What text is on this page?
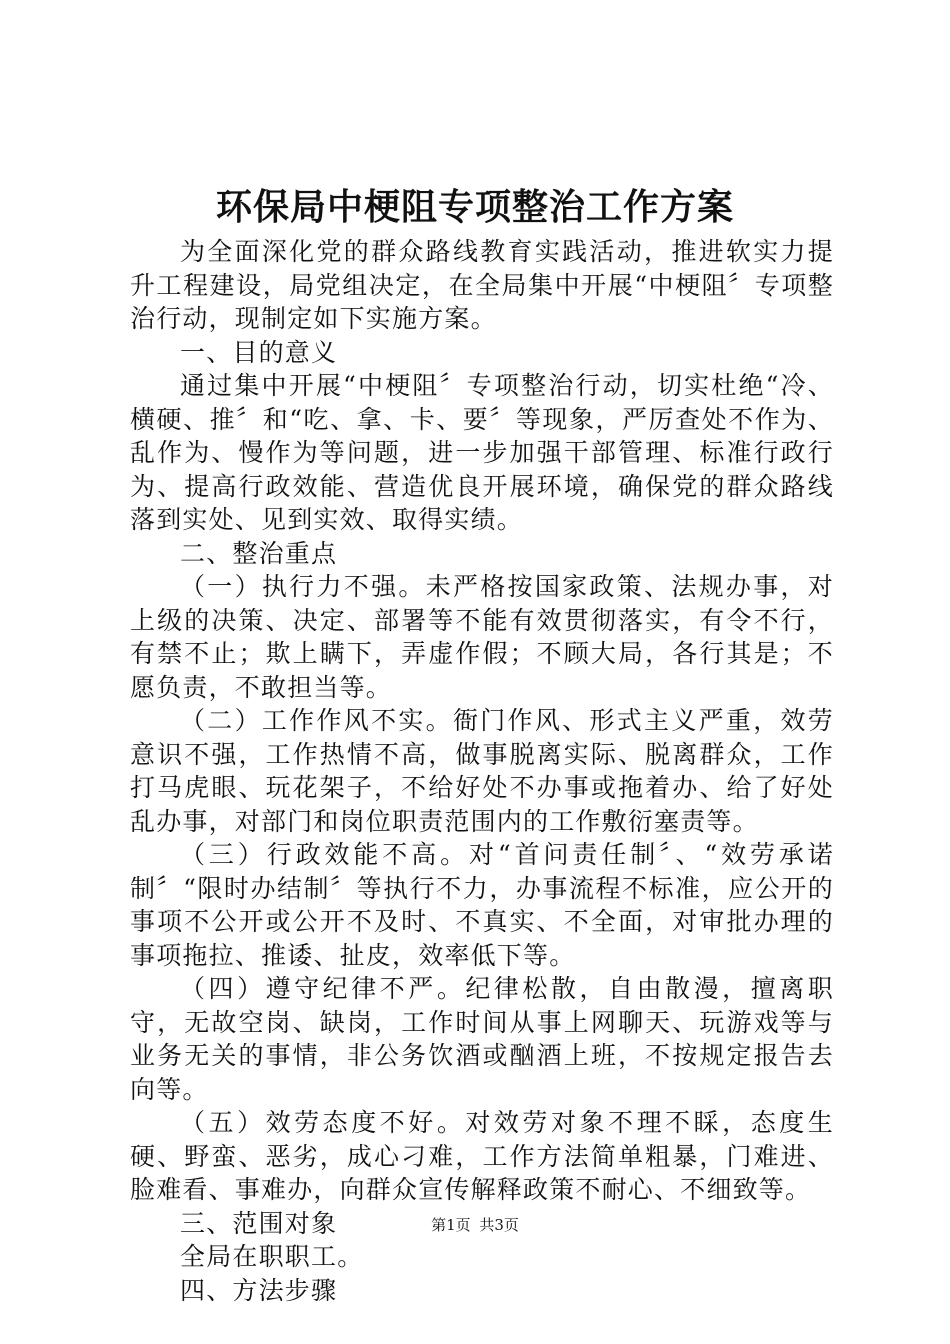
环保局中梗阻专项整治工作方案

为全面深化党的群众路线教育实践活动，推进软实力提升工程建设，局党组决定，在全局集中开展“中梗阻〞专项整治行动，现制定如下实施方案。

一、目的意义

通过集中开展“中梗阻〞专项整治行动，切实杜绝“冷、横硬、推〞和“吃、拿、卡、要〞等现象，严厉查处不作为、乱作为、慢作为等问题，进一步加强干部管理、标准行政行为、提高行政效能、营造优良开展环境，确保党的群众路线落到实处、见到实效、取得实绩。

二、整治重点

（一）执行力不强。未严格按国家政策、法规办事，对上级的决策、决定、部署等不能有效贯彻落实，有令不行，有禁不止；欺上瞒下，弄虚作假；不顾大局，各行其是；不愿负责，不敢担当等。

（二）工作作风不实。衙门作风、形式主义严重，效劳意识不强，工作热情不高，做事脱离实际、脱离群众，工作打马虎眼、玩花架子，不给好处不办事或拖着办、给了好处乱办事，对部门和岗位职责范围内的工作敷衍塞责等。

（三）行政效能不高。对“首问责任制〞、“效劳承诺制〞“限时办结制〞等执行不力，办事流程不标准，应公开的事项不公开或公开不及时、不真实、不全面，对审批办理的事项拖拉、推诿、扯皮，效率低下等。

（四）遵守纪律不严。纪律松散，自由散漫，擅离职守，无故空岗、缺岗，工作时间从事上网聊天、玩游戏等与业务无关的事情，非公务饮酒或酗酒上班，不按规定报告去向等。

（五）效劳态度不好。对效劳对象不理不睬，态度生硬、野蛮、恶劣，成心刁难，工作方法简单粗暴，门难进、脸难看、事难办，向群众宣传解释政策不耐心、不细致等。

三、范围对象

全局在职职工。

四、方法步骤

第1页 共3页
